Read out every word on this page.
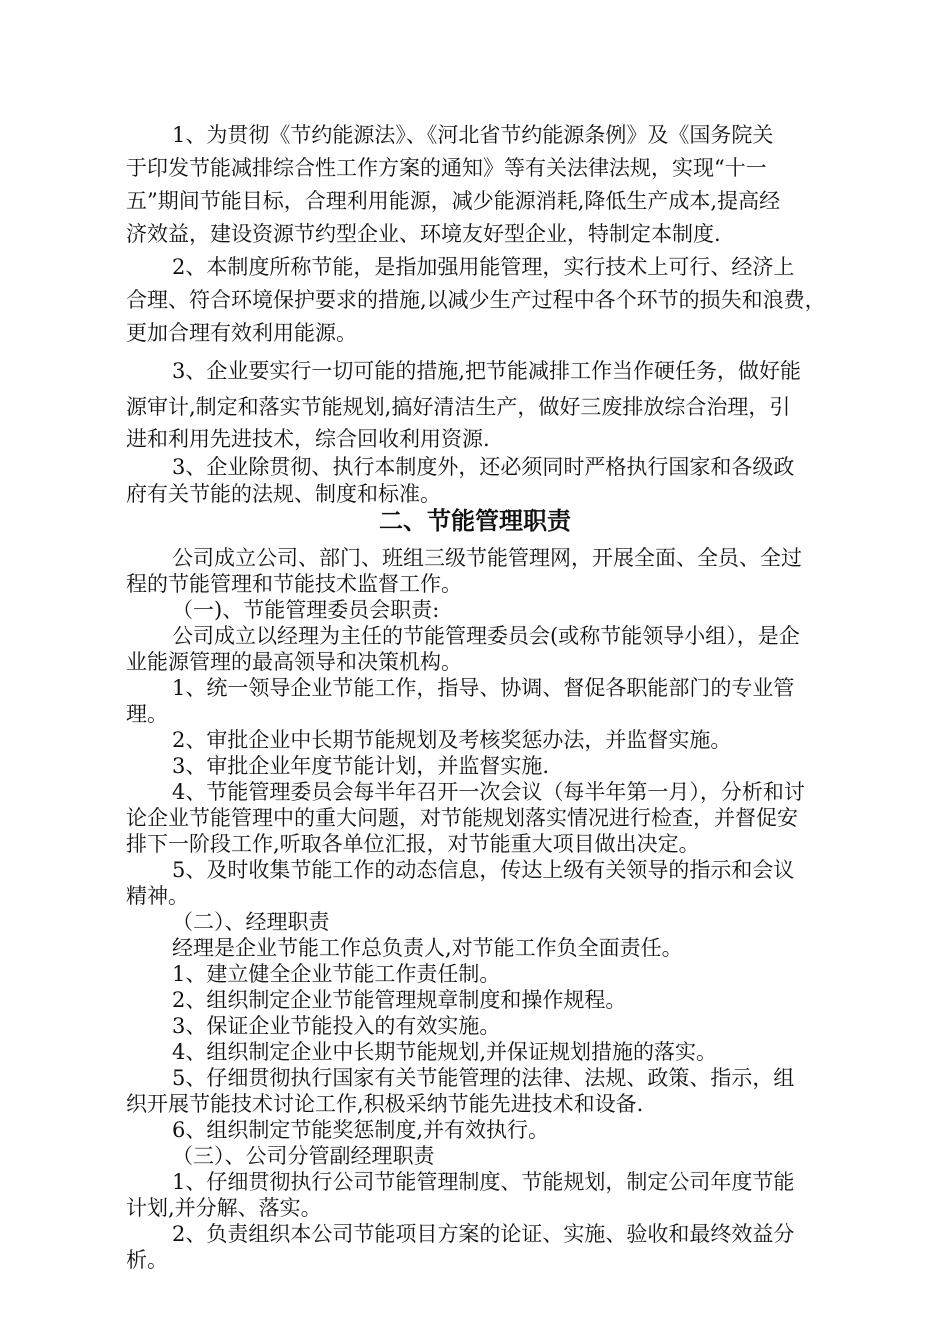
1、为贯彻《节约能源法》、《河北省节约能源条例》及《国务院关
于印发节能减排综合性工作方案的通知》等有关法律法规，实现“十一
五”期间节能目标，合理利用能源，减少能源消耗,降低生产成本,提高经
济效益，建设资源节约型企业、环境友好型企业，特制定本制度.
2、本制度所称节能，是指加强用能管理，实行技术上可行、经济上
合理、符合环境保护要求的措施,以减少生产过程中各个环节的损失和浪费，
更加合理有效利用能源。
3、企业要实行一切可能的措施,把节能减排工作当作硬任务，做好能
源审计,制定和落实节能规划,搞好清洁生产，做好三废排放综合治理，引
进和利用先进技术，综合回收利用资源.
3、企业除贯彻、执行本制度外，还必须同时严格执行国家和各级政
府有关节能的法规、制度和标准。
二、节能管理职责
公司成立公司、部门、班组三级节能管理网，开展全面、全员、全过
程的节能管理和节能技术监督工作。
（一)、节能管理委员会职责:
公司成立以经理为主任的节能管理委员会(或称节能领导小组），是企
业能源管理的最高领导和决策机构。
1、统一领导企业节能工作，指导、协调、督促各职能部门的专业管
理。
2、审批企业中长期节能规划及考核奖惩办法，并监督实施。
3、审批企业年度节能计划，并监督实施.
4、节能管理委员会每半年召开一次会议（每半年第一月），分析和讨
论企业节能管理中的重大问题，对节能规划落实情况进行检查，并督促安
排下一阶段工作,听取各单位汇报，对节能重大项目做出决定。
5、及时收集节能工作的动态信息，传达上级有关领导的指示和会议
精神。
（二）、经理职责
经理是企业节能工作总负责人,对节能工作负全面责任。
1、建立健全企业节能工作责任制。
2、组织制定企业节能管理规章制度和操作规程。
3、保证企业节能投入的有效实施。
4、组织制定企业中长期节能规划,并保证规划措施的落实。
5、仔细贯彻执行国家有关节能管理的法律、法规、政策、指示，组
织开展节能技术讨论工作,积极采纳节能先进技术和设备.
6、组织制定节能奖惩制度,并有效执行。
（三）、公司分管副经理职责
1、仔细贯彻执行公司节能管理制度、节能规划，制定公司年度节能
计划,并分解、落实。
2、负责组织本公司节能项目方案的论证、实施、验收和最终效益分
析。
